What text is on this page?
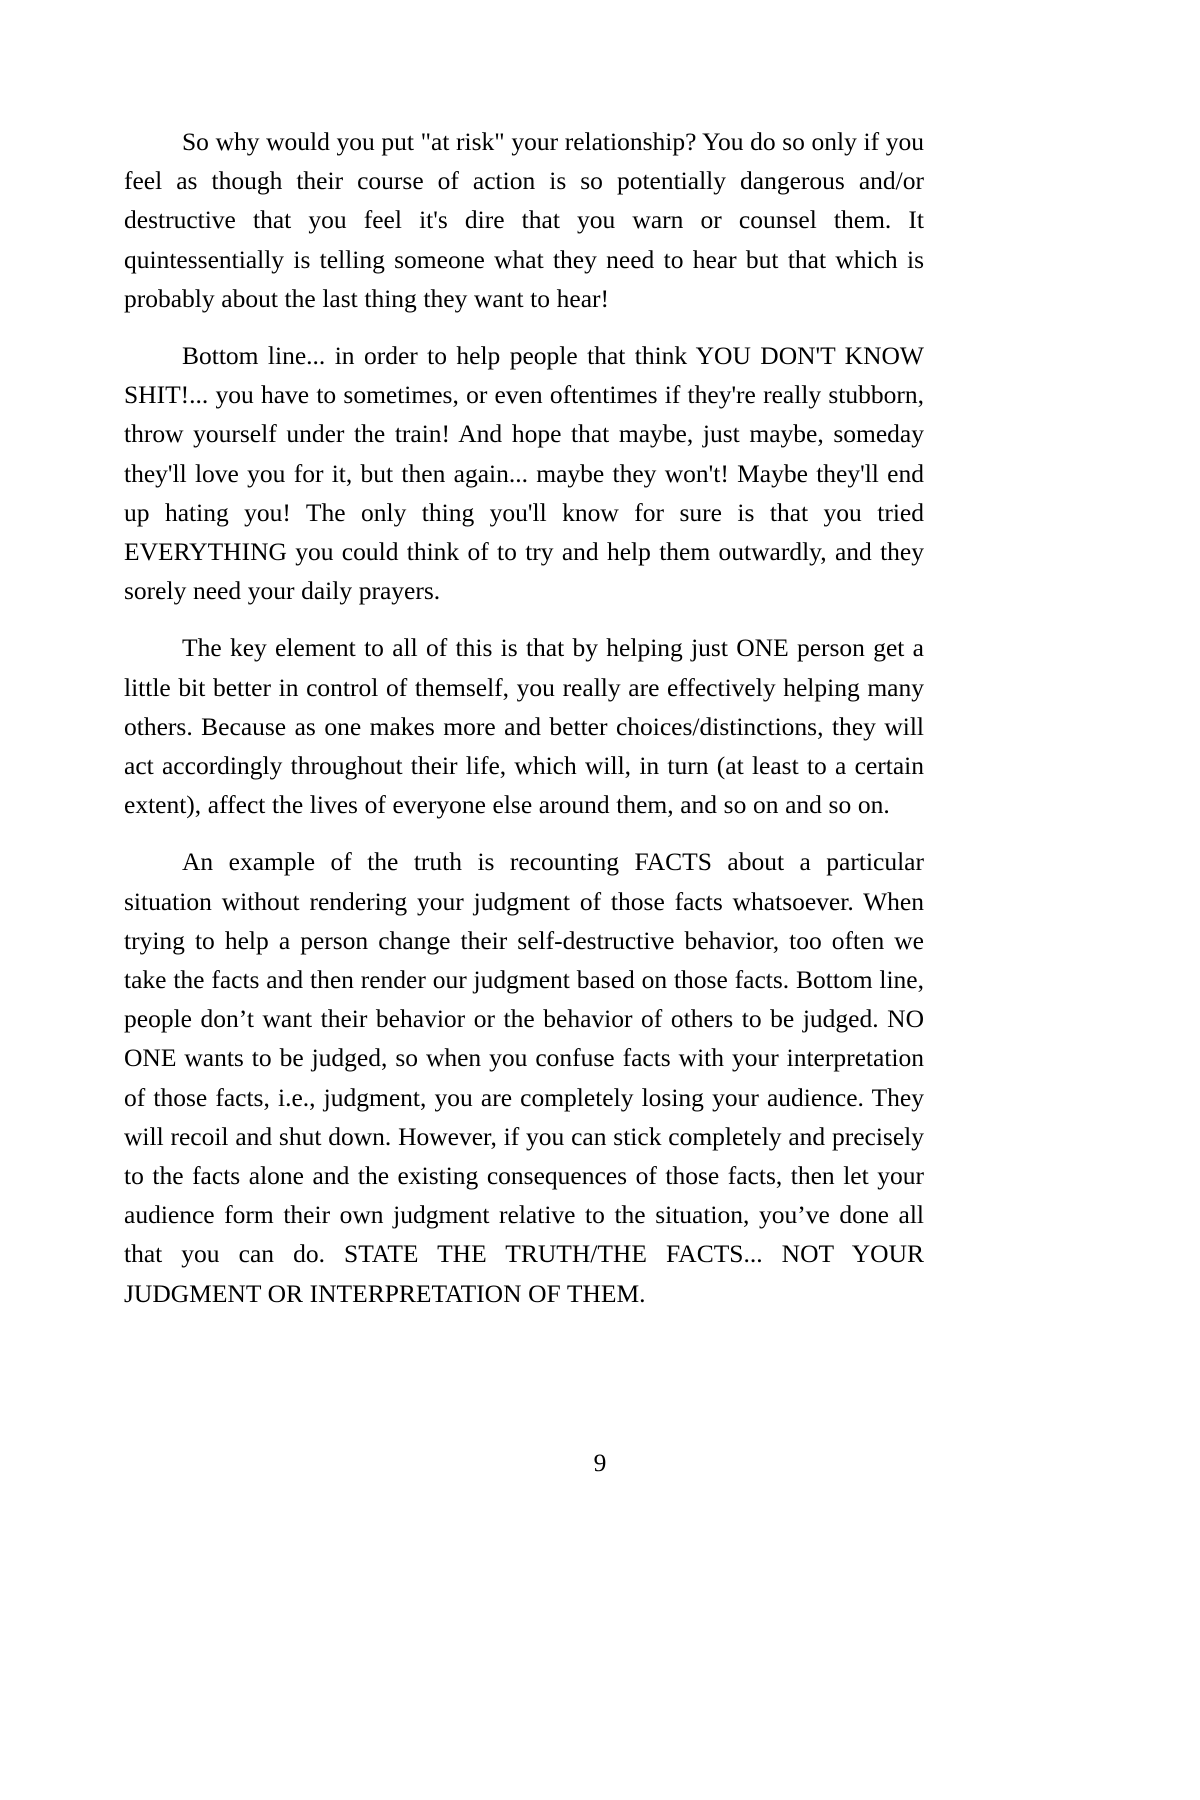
So why would you put "at risk" your relationship? You do so only if you feel as though their course of action is so potentially dangerous and/or destructive that you feel it's dire that you warn or counsel them. It quintessentially is telling someone what they need to hear but that which is probably about the last thing they want to hear!

Bottom line... in order to help people that think YOU DON'T KNOW SHIT!... you have to sometimes, or even oftentimes if they're really stubborn, throw yourself under the train! And hope that maybe, just maybe, someday they'll love you for it, but then again... maybe they won't! Maybe they'll end up hating you! The only thing you'll know for sure is that you tried EVERYTHING you could think of to try and help them outwardly, and they sorely need your daily prayers.

The key element to all of this is that by helping just ONE person get a little bit better in control of themself, you really are effectively helping many others. Because as one makes more and better choices/distinctions, they will act accordingly throughout their life, which will, in turn (at least to a certain extent), affect the lives of everyone else around them, and so on and so on.

An example of the truth is recounting FACTS about a particular situation without rendering your judgment of those facts whatsoever. When trying to help a person change their self-destructive behavior, too often we take the facts and then render our judgment based on those facts. Bottom line, people don’t want their behavior or the behavior of others to be judged. NO ONE wants to be judged, so when you confuse facts with your interpretation of those facts, i.e., judgment, you are completely losing your audience. They will recoil and shut down. However, if you can stick completely and precisely to the facts alone and the existing consequences of those facts, then let your audience form their own judgment relative to the situation, you’ve done all that you can do. STATE THE TRUTH/THE FACTS... NOT YOUR JUDGMENT OR INTERPRETATION OF THEM.

9
